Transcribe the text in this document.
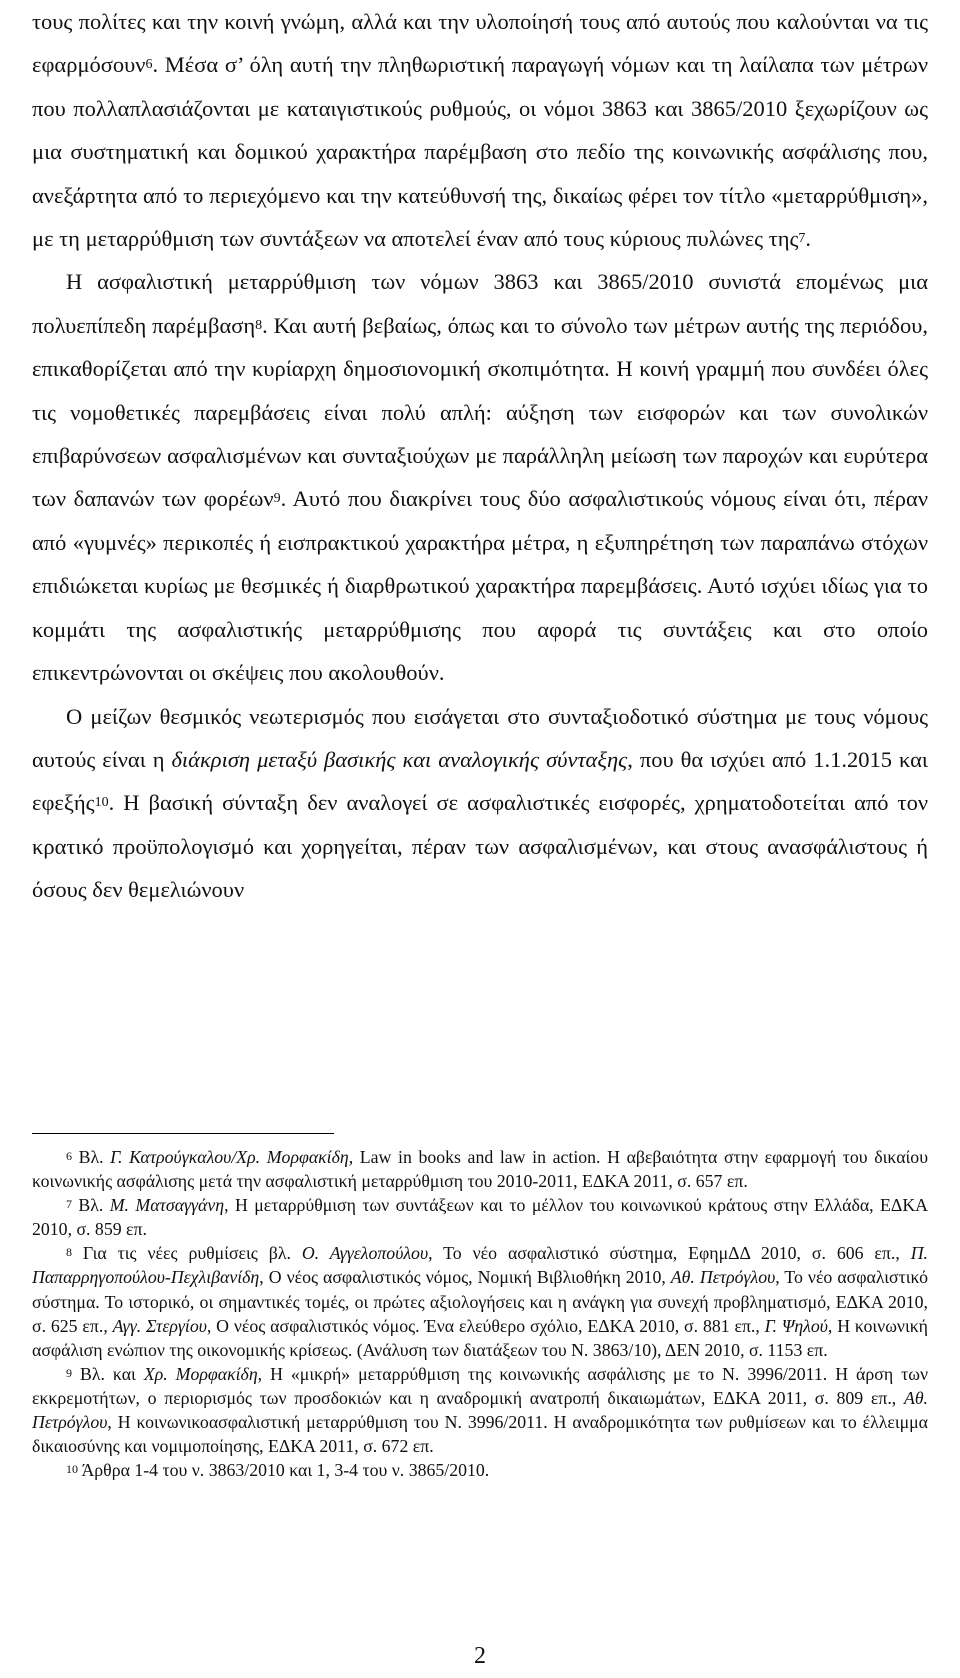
τους πολίτες και την κοινή γνώμη, αλλά και την υλοποίησή τους από αυτούς που καλούνται να τις εφαρμόσουν$^6$. Μέσα σ’ όλη αυτή την πληθωριστική παραγωγή νόμων και τη λαίλαπα των μέτρων που πολλαπλασιάζονται με καταιγιστικούς ρυθμούς, οι νόμοι 3863 και 3865/2010 ξεχωρίζουν ως μια συστηματική και δομικού χαρακτήρα παρέμβαση στο πεδίο της κοινωνικής ασφάλισης που, ανεξάρτητα από το περιεχόμενο και την κατεύθυνσή της, δικαίως φέρει τον τίτλο «μεταρρύθμιση», με τη μεταρρύθμιση των συντάξεων να αποτελεί έναν από τους κύριους πυλώνες της$^7$.

Η ασφαλιστική μεταρρύθμιση των νόμων 3863 και 3865/2010 συνιστά επομένως μια πολυεπίπεδη παρέμβαση$^8$. Και αυτή βεβαίως, όπως και το σύνολο των μέτρων αυτής της περιόδου, επικαθορίζεται από την κυρίαρχη δημοσιονομική σκοπιμότητα. Η κοινή γραμμή που συνδέει όλες τις νομοθετικές παρεμβάσεις είναι πολύ απλή: αύξηση των εισφορών και των συνολικών επιβαρύνσεων ασφαλισμένων και συνταξιούχων με παράλληλη μείωση των παροχών και ευρύτερα των δαπανών των φορέων$^9$. Αυτό που διακρίνει τους δύο ασφαλιστικούς νόμους είναι ότι, πέραν από «γυμνές» περικοπές ή εισπρακτικού χαρακτήρα μέτρα, η εξυπηρέτηση των παραπάνω στόχων επιδιώκεται κυρίως με θεσμικές ή διαρθρωτικού χαρακτήρα παρεμβάσεις. Αυτό ισχύει ιδίως για το κομμάτι της ασφαλιστικής μεταρρύθμισης που αφορά τις συντάξεις και στο οποίο επικεντρώνονται οι σκέψεις που ακολουθούν.

Ο μείζων θεσμικός νεωτερισμός που εισάγεται στο συνταξιοδοτικό σύστημα με τους νόμους αυτούς είναι η διάκριση μεταξύ βασικής και αναλογικής σύνταξης, που θα ισχύει από 1.1.2015 και εφεξής$^{10}$. Η βασική σύνταξη δεν αναλογεί σε ασφαλιστικές εισφορές, χρηματοδοτείται από τον κρατικό προϋπολογισμό και χορηγείται, πέραν των ασφαλισμένων, και στους ανασφάλιστους ή όσους δεν θεμελιώνουν

$^6$ Βλ. Γ. Κατρούγκαλου/Χρ. Μορφακίδη, Law in books and law in action. Η αβεβαιότητα στην εφαρμογή του δικαίου κοινωνικής ασφάλισης μετά την ασφαλιστική μεταρρύθμιση του 2010-2011, ΕΔΚΑ 2011, σ. 657 επ.

$^7$ Βλ. Μ. Ματσαγγάνη, Η μεταρρύθμιση των συντάξεων και το μέλλον του κοινωνικού κράτους στην Ελλάδα, ΕΔΚΑ 2010, σ. 859 επ.

$^8$ Για τις νέες ρυθμίσεις βλ. Ο. Αγγελοπούλου, Το νέο ασφαλιστικό σύστημα, ΕφημΔΔ 2010, σ. 606 επ., Π. Παπαρρηγοπούλου-Πεχλιβανίδη, Ο νέος ασφαλιστικός νόμος, Νομική Βιβλιοθήκη 2010, Αθ. Πετρόγλου, Το νέο ασφαλιστικό σύστημα. Το ιστορικό, οι σημαντικές τομές, οι πρώτες αξιολογήσεις και η ανάγκη για συνεχή προβληματισμό, ΕΔΚΑ 2010, σ. 625 επ., Αγγ. Στεργίου, Ο νέος ασφαλιστικός νόμος. Ένα ελεύθερο σχόλιο, ΕΔΚΑ 2010, σ. 881 επ., Γ. Ψηλού, Η κοινωνική ασφάλιση ενώπιον της οικονομικής κρίσεως. (Ανάλυση των διατάξεων του Ν. 3863/10), ΔΕΝ 2010, σ. 1153 επ.

$^9$ Βλ. και Χρ. Μορφακίδη, Η «μικρή» μεταρρύθμιση της κοινωνικής ασφάλισης με το Ν. 3996/2011. Η άρση των εκκρεμοτήτων, ο περιορισμός των προσδοκιών και η αναδρομική ανατροπή δικαιωμάτων, ΕΔΚΑ 2011, σ. 809 επ., Αθ. Πετρόγλου, Η κοινωνικοασφαλιστική μεταρρύθμιση του Ν. 3996/2011. Η αναδρομικότητα των ρυθμίσεων και το έλλειμμα δικαιοσύνης και νομιμοποίησης, ΕΔΚΑ 2011, σ. 672 επ.

$^{10}$ Άρθρα 1-4 του ν. 3863/2010 και 1, 3-4 του ν. 3865/2010.

2
